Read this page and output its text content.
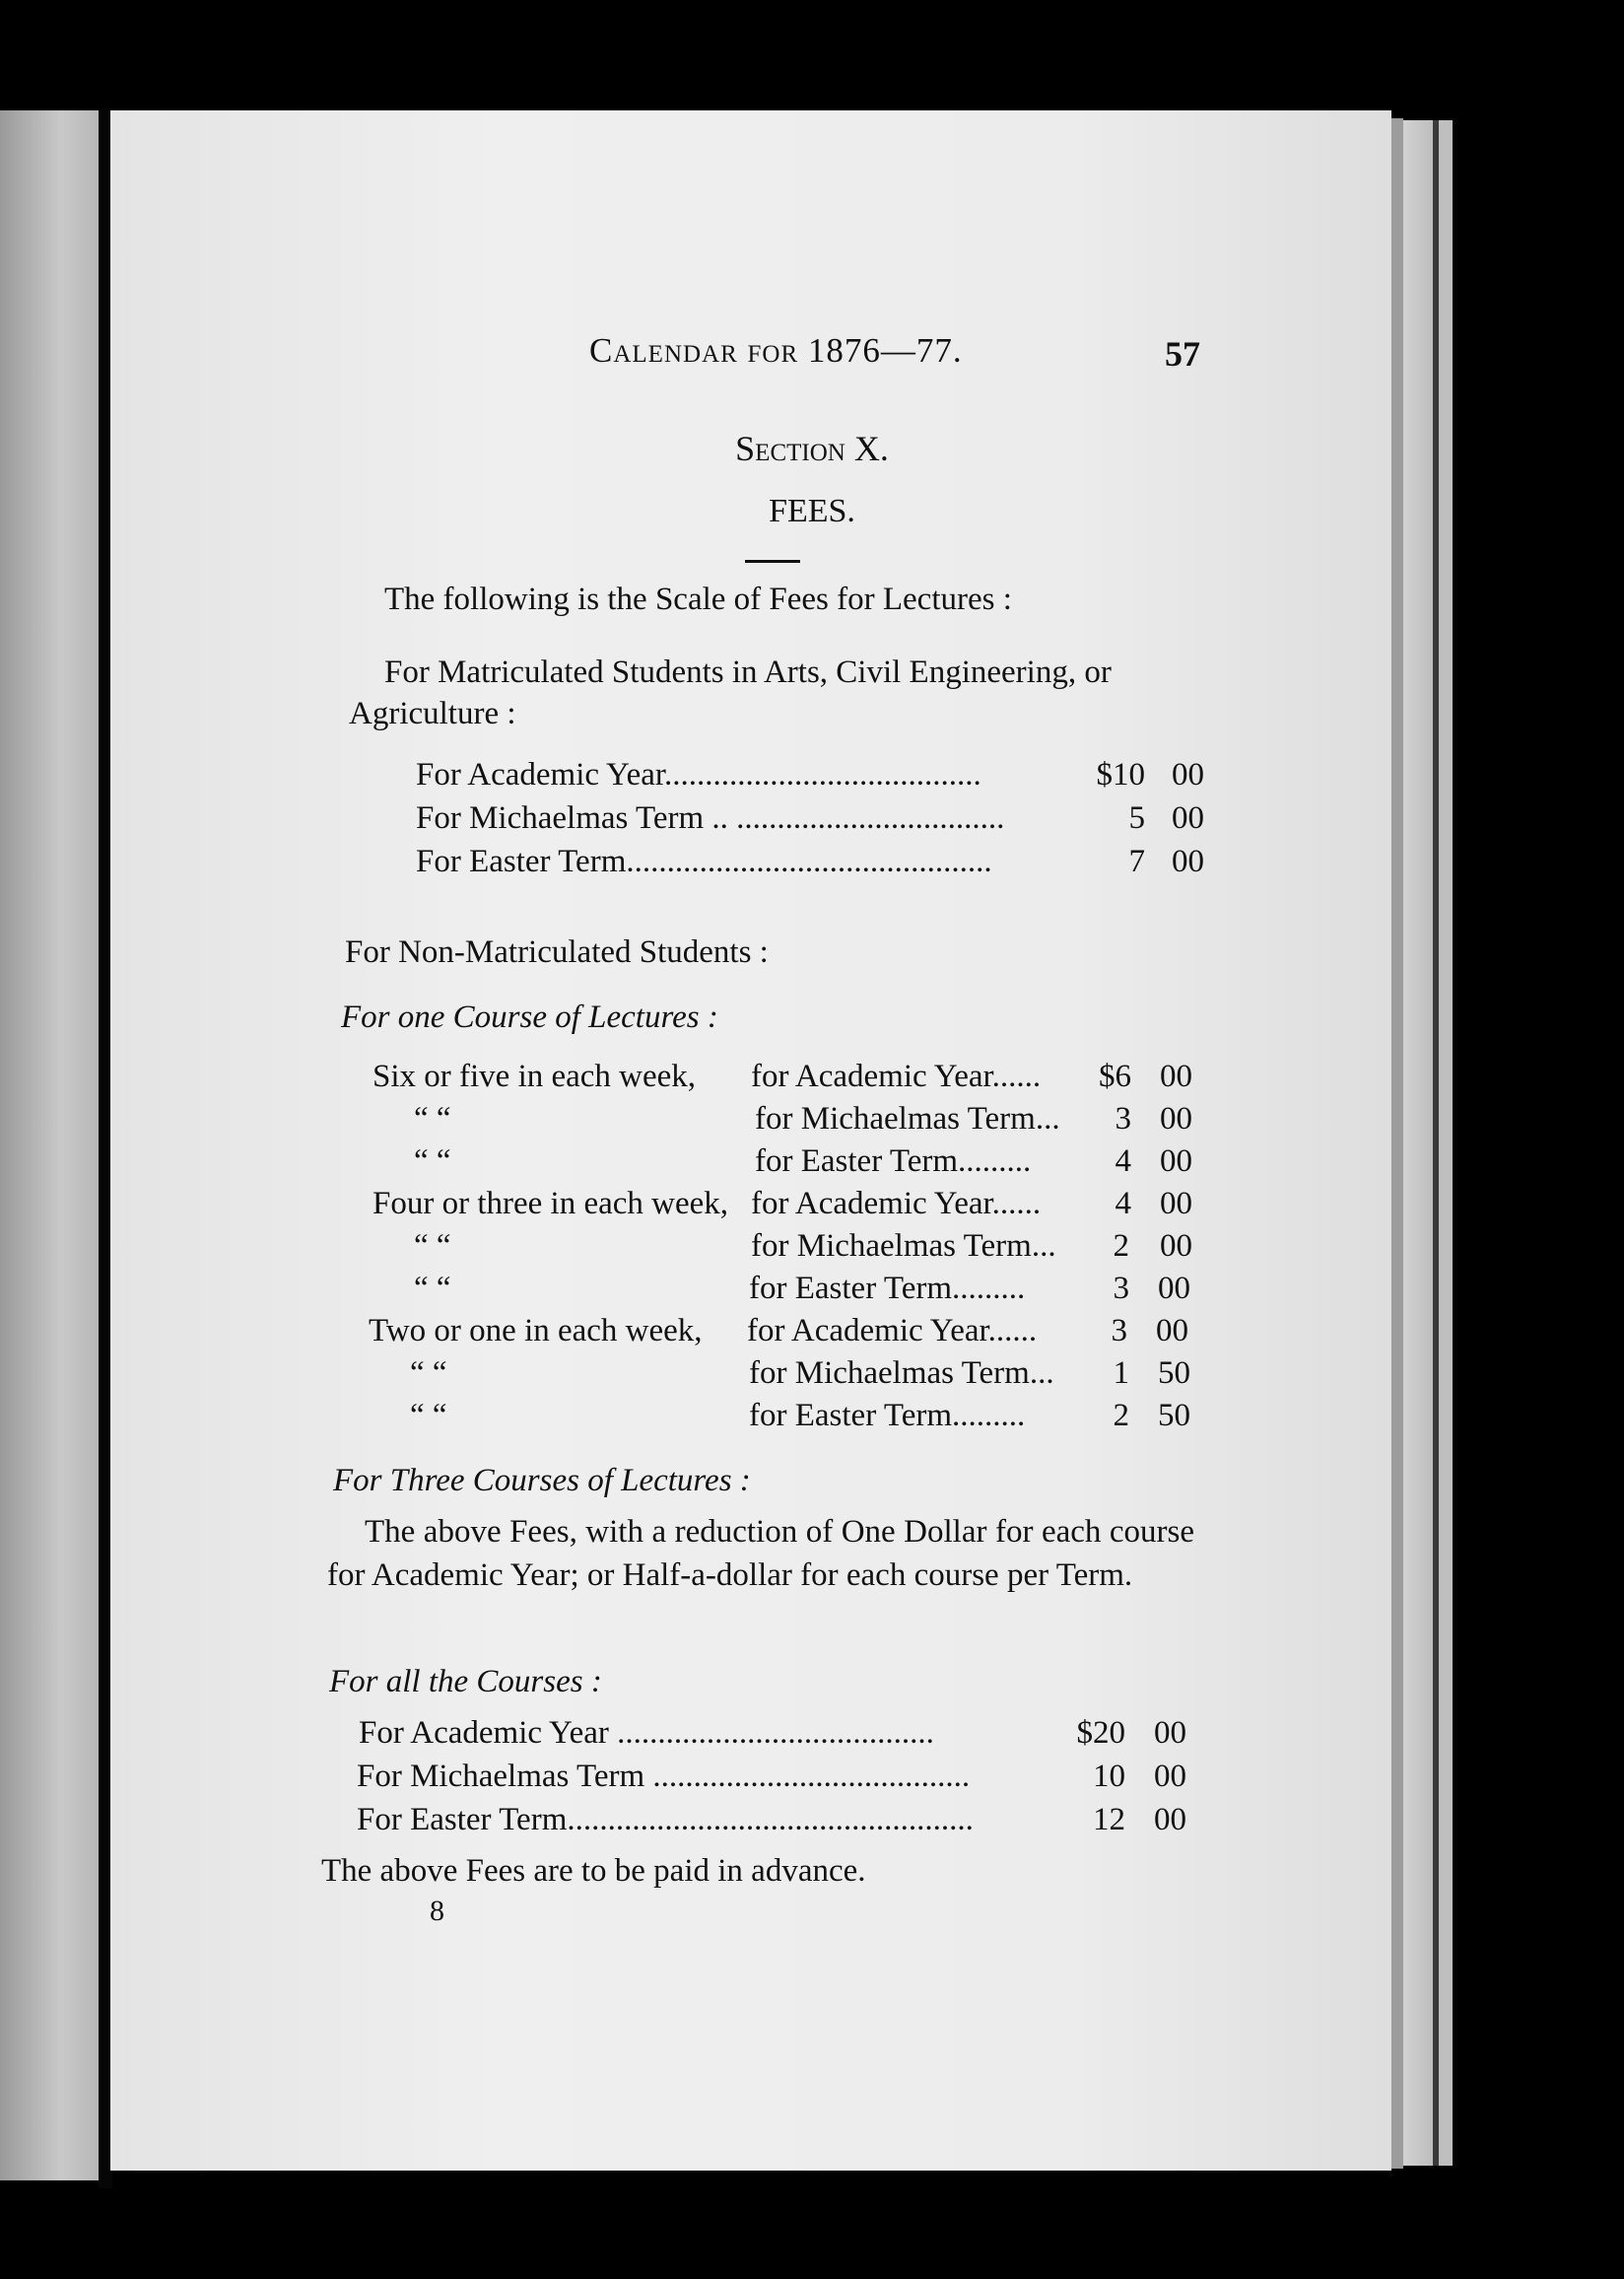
Calendar for 1876—77.	57
Section X.
FEES.
The following is the Scale of Fees for Lectures :
For Matriculated Students in Arts, Civil Engineering, or
Agriculture :
For Academic Year.......................................	$10 00
For Michaelmas Term .. .................................	5 00
For Easter Term.............................................	7 00
For Non-Matriculated Students :
For one Course of Lectures :
Six or five in each week, for Academic Year......	$6 00
“ “	for Michaelmas Term...	3 00
“ “	for Easter Term.........	4 00
Four or three in each week, for Academic Year......	4 00
“ “	for Michaelmas Term...	2 00
“ “	for Easter Term.........	3 00
Two or one in each week, for Academic Year......	3 00
“ “	for Michaelmas Term...	1 50
“ “	for Easter Term.........	2 50
For Three Courses of Lectures :
The above Fees, with a reduction of One Dollar for each course for Academic Year; or Half-a-dollar for each course per Term.
For all the Courses :
For Academic Year .......................................	$20 00
For Michaelmas Term .......................................	10 00
For Easter Term..................................................	12 00
The above Fees are to be paid in advance.
8
